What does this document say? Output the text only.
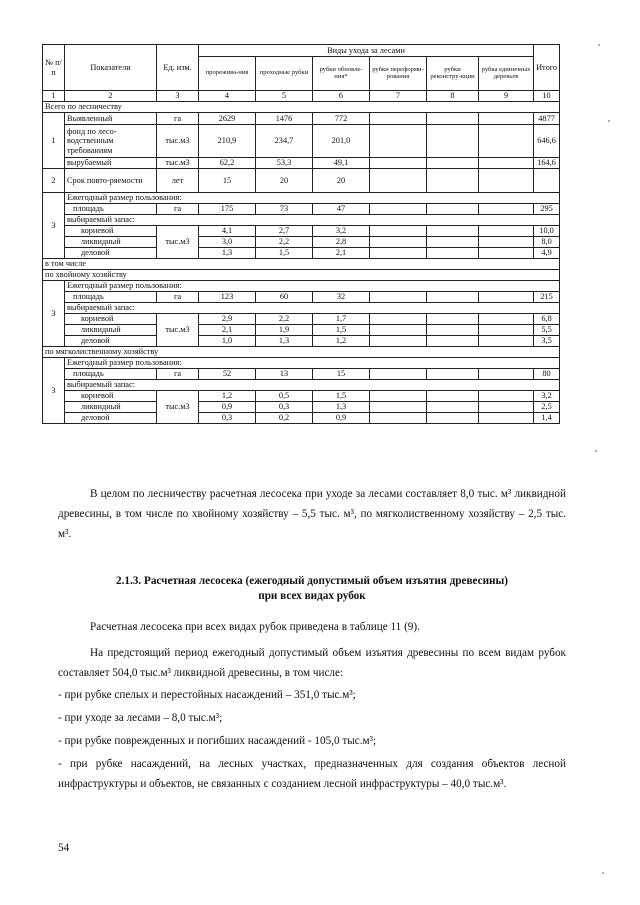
№ п/п	Показатели	Ед. изм.	Виды ухода за лесами						Итого
			прорежива-ния	проходные рубки	рубки обновле-ния*	рубки переформи-рования	рубки реконстру-кции	рубка единичных деревьев	
1	2	3	4	5	6	7	8	9	10
Всего по лесничеству									
1	Выявленный	га	2629	1476	772				4877
	фонд по лесо-водственным требованиям	тыс.м3	210,9	234,7	201,0				646,6
	вырубаемый	тыс.м3	62,2	53,3	49,1				164,6
2	Срок повто-ряемости	лет	15	20	20				
3	Ежегодный размер пользования:								
	площадь	га	175	73	47				295
	выбираемый запас:								
	корневой	тыс.м3	4,1	2,7	3,2				10,0
	ликвидный		3,0	2,2	2,8				8,0
	деловой		1,3	1,5	2,1				4,9
в том числе									
по хвойному хозяйству									
3	Ежегодный размер пользования:								
	площадь	га	123	60	32				215
	выбираемый запас:								
	корневой	тыс.м3	2,9	2,2	1,7				6,8
	ликвидный		2,1	1,9	1,5				5,5
	деловой		1,0	1,3	1,2				3,5
по мягколиственному хозяйству									
3	Ежегодный размер пользования:								
	площадь	га	52	13	15				80
	выбираемый запас:								
	корневой	тыс.м3	1,2	0,5	1,5				3,2
	ликвидный		0,9	0,3	1,3				2,5
	деловой		0,3	0,2	0,9				1,4
В целом по лесничеству расчетная лесосека при уходе за лесами составляет 8,0 тыс. м³ ликвидной древесины, в том числе по хвойному хозяйству – 5,5 тыс. м³, по мягколиственному хозяйству – 2,5 тыс. м³.
2.1.3. Расчетная лесосека (ежегодный допустимый объем изъятия древесины)
при всех видах рубок
Расчетная лесосека при всех видах рубок приведена в таблице 11 (9).
На предстоящий период ежегодный допустимый объем изъятия древесины по всем видам рубок составляет 504,0 тыс.м³ ликвидной древесины, в том числе:
- при рубке спелых и перестойных насаждений – 351,0 тыс.м³;
- при уходе за лесами – 8,0 тыс.м³;
- при рубке поврежденных и погибших насаждений - 105,0 тыс.м³;
- при рубке насаждений, на лесных участках, предназначенных для создания объектов лесной инфраструктуры и объектов, не связанных с созданием лесной инфраструктуры – 40,0 тыс.м³.
54
